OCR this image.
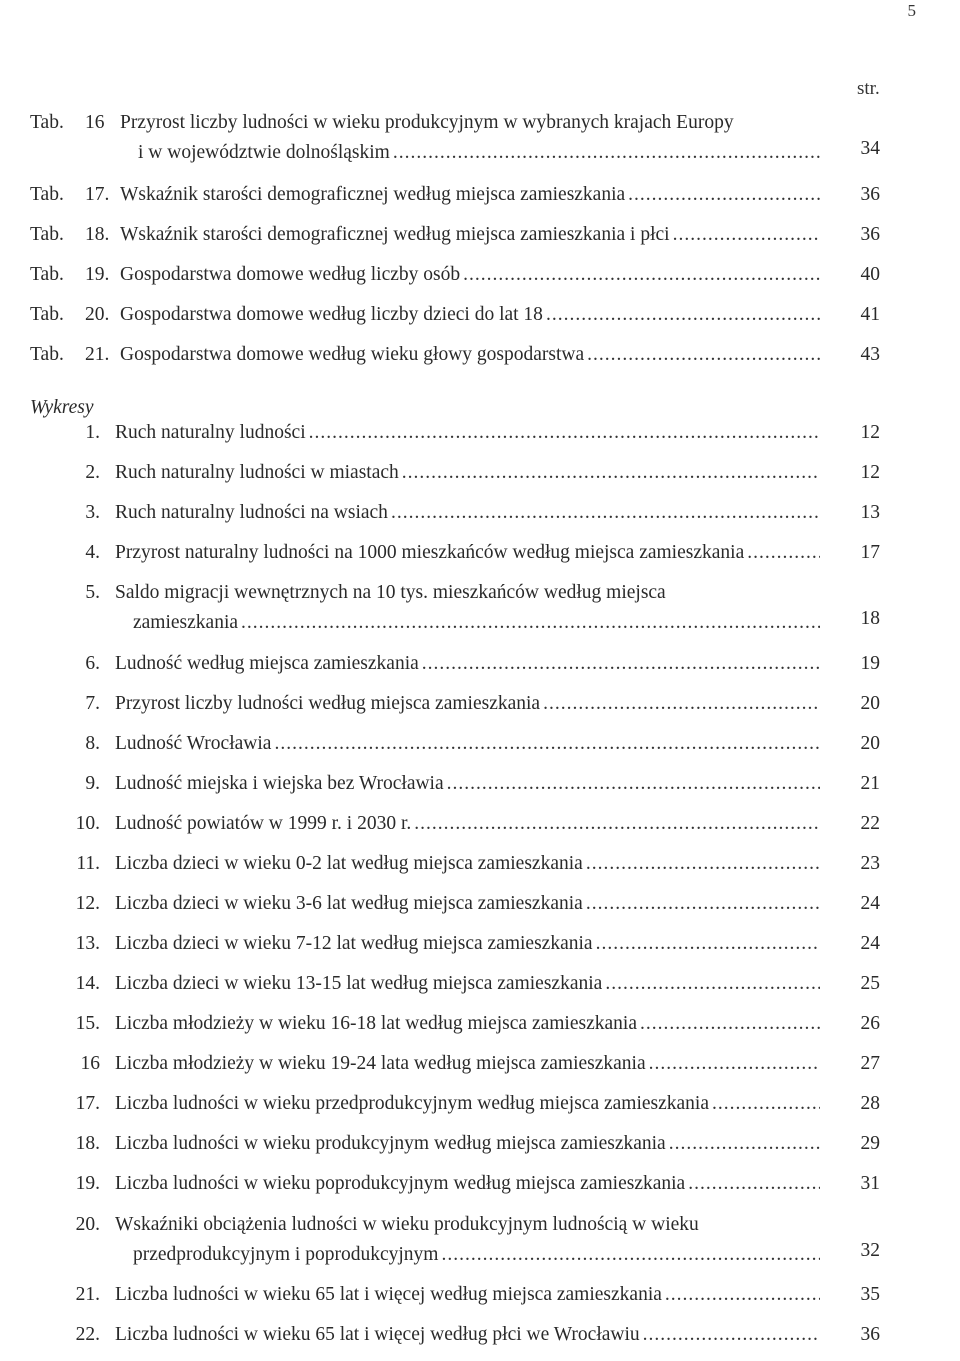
5
str.
Wykresy
Tab. 16 Przyrost liczby ludności w wieku produkcyjnym w wybranych krajach Europy
i w województwie dolnośląskim .....	34
Tab. 17. Wskaźnik starości demograficznej według miejsca zamieszkania .....	36
Tab. 18. Wskaźnik starości demograficznej według miejsca zamieszkania i płci .....	36
Tab. 19. Gospodarstwa domowe według liczby osób .....	40
Tab. 20. Gospodarstwa domowe według liczby dzieci do lat 18 .....	41
Tab. 21. Gospodarstwa domowe według wieku głowy gospodarstwa .....	43
1. Ruch naturalny ludności .....	12
2. Ruch naturalny ludności w miastach .....	12
3. Ruch naturalny ludności na wsiach .....	13
4. Przyrost naturalny ludności na 1000 mieszkańców według miejsca zamieszkania .....	17
5. Saldo migracji wewnętrznych na 10 tys. mieszkańców według miejsca
zamieszkania .....	18
6. Ludność według miejsca zamieszkania .....	19
7. Przyrost liczby ludności według miejsca zamieszkania .....	20
8. Ludność Wrocławia .....	20
9. Ludność miejska i wiejska bez Wrocławia .....	21
10. Ludność powiatów w 1999 r. i 2030 r. .....	22
11. Liczba dzieci w wieku 0-2 lat według miejsca zamieszkania .....	23
12. Liczba dzieci w wieku 3-6 lat według miejsca zamieszkania .....	24
13. Liczba dzieci w wieku 7-12 lat według miejsca zamieszkania .....	24
14. Liczba dzieci w wieku 13-15 lat według miejsca zamieszkania .....	25
15. Liczba młodzieży w wieku 16-18 lat według miejsca zamieszkania .....	26
16 Liczba młodzieży w wieku 19-24 lata według miejsca zamieszkania .....	27
17. Liczba ludności w wieku przedprodukcyjnym według miejsca zamieszkania .....	28
18. Liczba ludności w wieku produkcyjnym według miejsca zamieszkania .....	29
19. Liczba ludności w wieku poprodukcyjnym według miejsca zamieszkania .....	31
20. Wskaźniki obciążenia ludności w wieku produkcyjnym ludnością w wieku
przedprodukcyjnym i poprodukcyjnym .....	32
21. Liczba ludności w wieku 65 lat i więcej według miejsca zamieszkania .....	35
22. Liczba ludności w wieku 65 lat i więcej według płci we Wrocławiu .....	36
